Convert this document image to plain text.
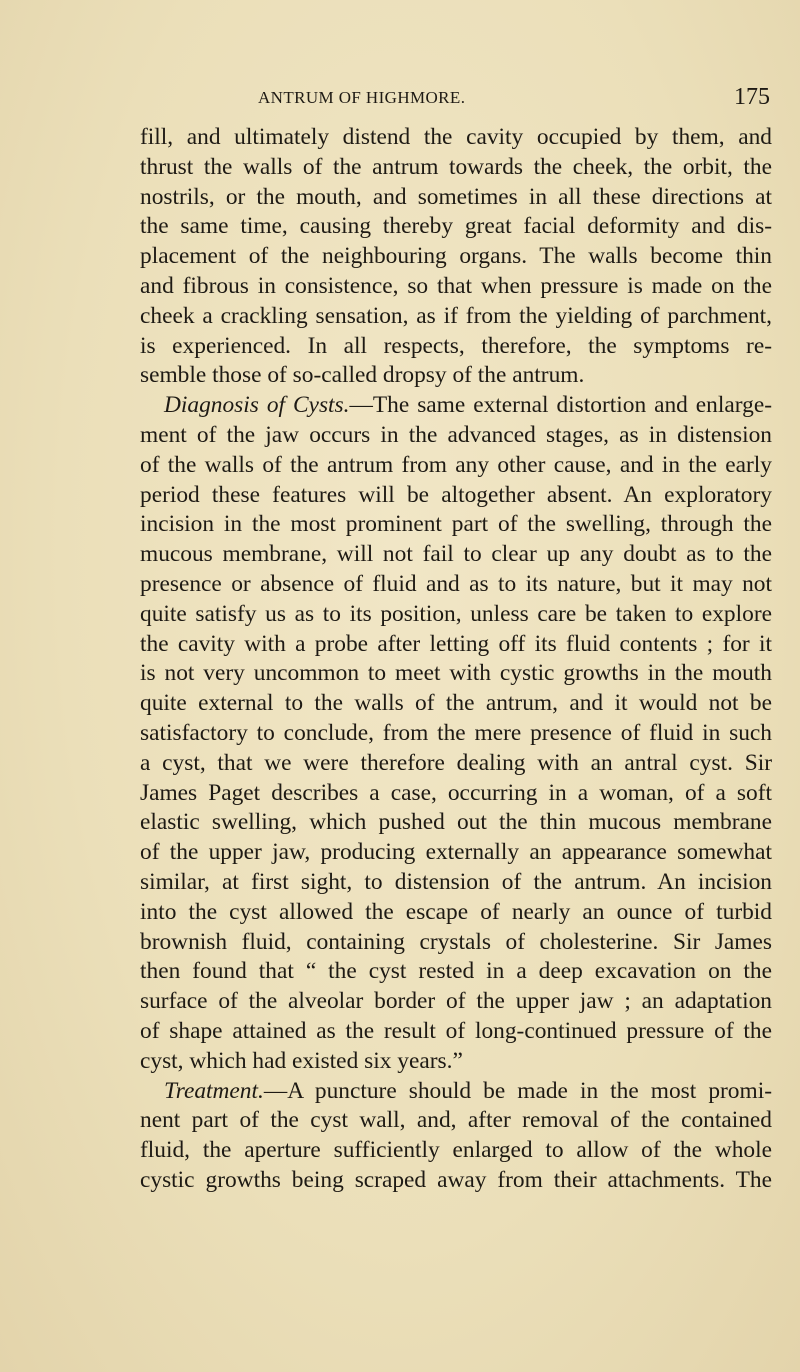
ANTRUM OF HIGHMORE.	175
fill, and ultimately distend the cavity occupied by them, and
thrust the walls of the antrum towards the cheek, the orbit, the
nostrils, or the mouth, and sometimes in all these directions at
the same time, causing thereby great facial deformity and dis-
placement of the neighbouring organs. The walls become thin
and fibrous in consistence, so that when pressure is made on the
cheek a crackling sensation, as if from the yielding of parchment,
is experienced. In all respects, therefore, the symptoms re-
semble those of so-called dropsy of the antrum.
Diagnosis of Cysts.—The same external distortion and enlarge-
ment of the jaw occurs in the advanced stages, as in distension
of the walls of the antrum from any other cause, and in the early
period these features will be altogether absent. An exploratory
incision in the most prominent part of the swelling, through the
mucous membrane, will not fail to clear up any doubt as to the
presence or absence of fluid and as to its nature, but it may not
quite satisfy us as to its position, unless care be taken to explore
the cavity with a probe after letting off its fluid contents ; for it
is not very uncommon to meet with cystic growths in the mouth
quite external to the walls of the antrum, and it would not be
satisfactory to conclude, from the mere presence of fluid in such
a cyst, that we were therefore dealing with an antral cyst. Sir
James Paget describes a case, occurring in a woman, of a soft
elastic swelling, which pushed out the thin mucous membrane
of the upper jaw, producing externally an appearance somewhat
similar, at first sight, to distension of the antrum. An incision
into the cyst allowed the escape of nearly an ounce of turbid
brownish fluid, containing crystals of cholesterine. Sir James
then found that “ the cyst rested in a deep excavation on the
surface of the alveolar border of the upper jaw ; an adaptation
of shape attained as the result of long-continued pressure of the
cyst, which had existed six years.”
Treatment.—A puncture should be made in the most promi-
nent part of the cyst wall, and, after removal of the contained
fluid, the aperture sufficiently enlarged to allow of the whole
cystic growths being scraped away from their attachments. The
